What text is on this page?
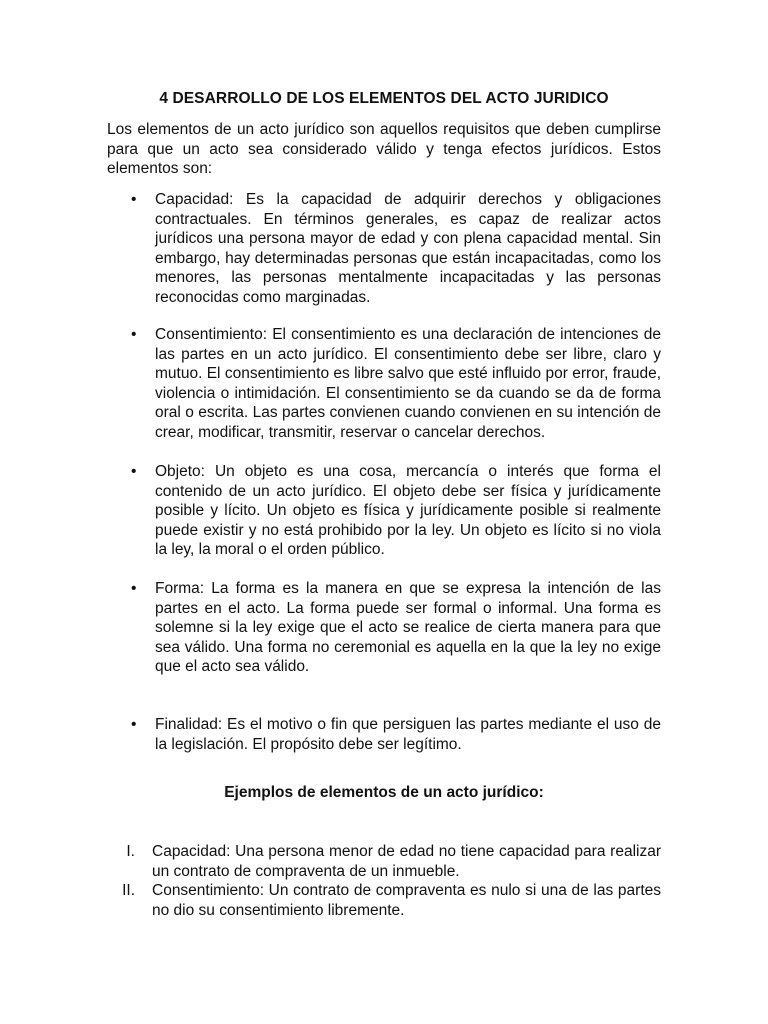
4 DESARROLLO DE LOS ELEMENTOS DEL ACTO JURIDICO
Los elementos de un acto jurídico son aquellos requisitos que deben cumplirse para que un acto sea considerado válido y tenga efectos jurídicos. Estos elementos son:
• Capacidad: Es la capacidad de adquirir derechos y obligaciones contractuales. En términos generales, es capaz de realizar actos jurídicos una persona mayor de edad y con plena capacidad mental. Sin embargo, hay determinadas personas que están incapacitadas, como los menores, las personas mentalmente incapacitadas y las personas reconocidas como marginadas.
• Consentimiento: El consentimiento es una declaración de intenciones de las partes en un acto jurídico. El consentimiento debe ser libre, claro y mutuo. El consentimiento es libre salvo que esté influido por error, fraude, violencia o intimidación. El consentimiento se da cuando se da de forma oral o escrita. Las partes convienen cuando convienen en su intención de crear, modificar, transmitir, reservar o cancelar derechos.
• Objeto: Un objeto es una cosa, mercancía o interés que forma el contenido de un acto jurídico. El objeto debe ser física y jurídicamente posible y lícito. Un objeto es física y jurídicamente posible si realmente puede existir y no está prohibido por la ley. Un objeto es lícito si no viola la ley, la moral o el orden público.
• Forma: La forma es la manera en que se expresa la intención de las partes en el acto. La forma puede ser formal o informal. Una forma es solemne si la ley exige que el acto se realice de cierta manera para que sea válido. Una forma no ceremonial es aquella en la que la ley no exige que el acto sea válido.
• Finalidad: Es el motivo o fin que persiguen las partes mediante el uso de la legislación. El propósito debe ser legítimo.
Ejemplos de elementos de un acto jurídico:
I. Capacidad: Una persona menor de edad no tiene capacidad para realizar un contrato de compraventa de un inmueble.
II. Consentimiento: Un contrato de compraventa es nulo si una de las partes no dio su consentimiento libremente.
